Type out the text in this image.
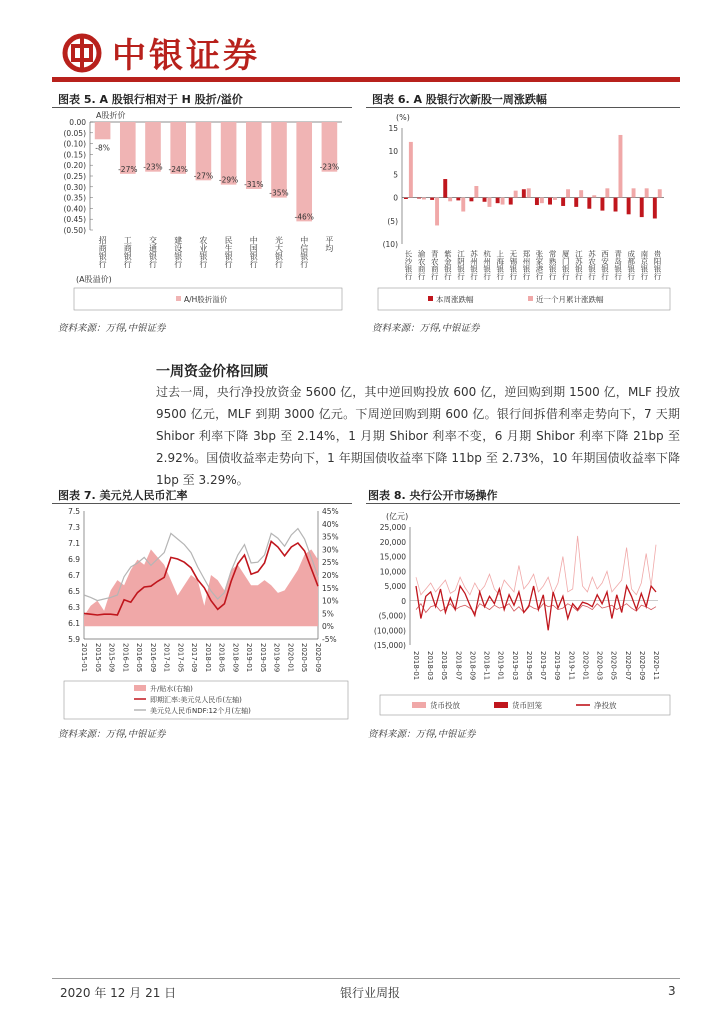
中银证券
图表 5. A 股银行相对于 H 股折/溢价
A股折价
0.00
(0.05)
(0.10)
(0.15)
(0.20)
(0.25)
(0.30)
(0.35)
(0.40)
(0.45)
(0.50)
-8%
招商银行
-27%
工商银行
-23%
交通银行
-24%
建设银行
-27%
农业银行
-29%
民生银行
-31%
中国银行
-35%
光大银行
-46%
中信银行
-23%
平均
(A股溢价)
A/H股折溢价
资料来源：万得,中银证券
图表 6. A 股银行次新股一周涨跌幅
(%)
15
10
5
0
(5)
(10)
长沙银行 渝农商行 青农商行 紫金银行 江阴银行 苏州银行 杭州银行 上海银行 无锡银行 郑州银行 张家港行 常熟银行 厦门银行 江苏银行 苏农银行 西安银行 青岛银行 成都银行 南京银行 贵阳银行
本周涨跌幅	近一个月累计涨跌幅
资料来源：万得,中银证券
一周资金价格回顾
过去一周，央行净投放资金 5600 亿，其中逆回购投放 600 亿，逆回购到期 1500 亿，MLF 投放 9500 亿元，MLF 到期 3000 亿元。下周逆回购到期 600 亿。银行间拆借利率走势向下，7 天期 Shibor 利率下降 3bp 至 2.14%，1 月期 Shibor 利率不变，6 月期 Shibor 利率下降 21bp 至 2.92%。国债收益率走势向下，1 年期国债收益率下降 11bp 至 2.73%，10 年期国债收益率下降 1bp 至 3.29%。
图表 7. 美元兑人民币汇率
7.5
7.3
7.1
6.9
6.7
6.5
6.3
6.1
5.9
45%
40%
35%
30%
25%
20%
15%
10%
5%
0%
-5%
2015-01 2015-05 2015-09 2016-01 2016-05 2016-09 2017-01 2017-05 2017-09 2018-01 2018-05 2018-09 2019-01 2019-05 2019-09 2020-01 2020-05 2020-09
升/贴水(右轴)
即期汇率:美元兑人民币(左轴)
美元兑人民币NDF:12个月(左轴)
资料来源：万得,中银证券
图表 8. 央行公开市场操作
(亿元)
25,000
20,000
15,000
10,000
5,000
0
(5,000)
(10,000)
(15,000)
2018-01 2018-03 2018-05 2018-07 2018-09 2018-11 2019-01 2019-03 2019-05 2019-07 2019-09 2019-11 2020-01 2020-03 2020-05 2020-07 2020-09 2020-11
货币投放	货币回笼	净投放
资料来源：万得,中银证券
2020 年 12 月 21 日	银行业周报	3
